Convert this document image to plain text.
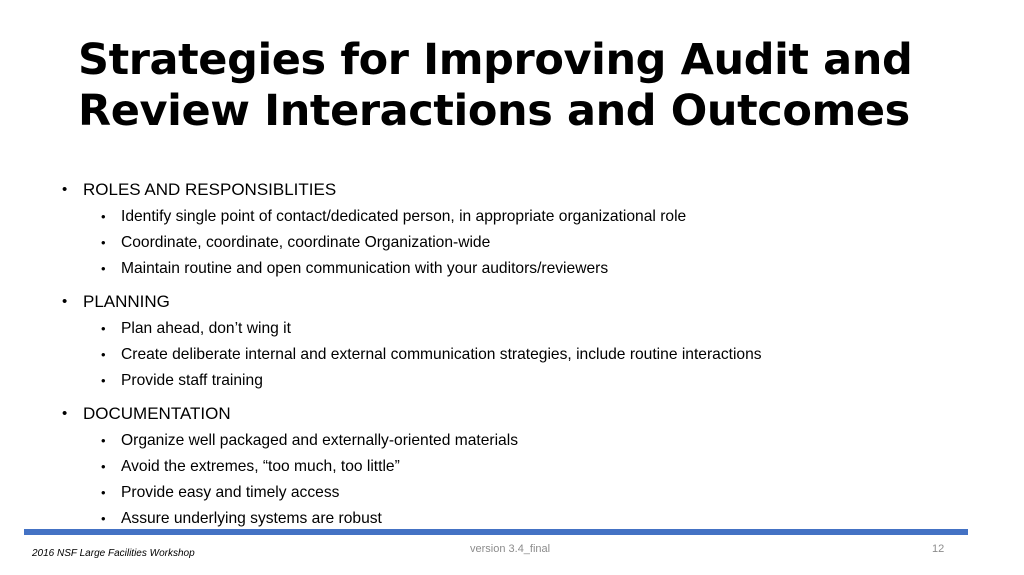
Strategies for Improving Audit and
Review Interactions and Outcomes
• ROLES AND RESPONSIBLITIES
• Identify single point of contact/dedicated person, in appropriate organizational role
• Coordinate, coordinate, coordinate Organization-wide
• Maintain routine and open communication with your auditors/reviewers
• PLANNING
• Plan ahead, don’t wing it
• Create deliberate internal and external communication strategies, include routine interactions
• Provide staff training
• DOCUMENTATION
• Organize well packaged and externally-oriented materials
• Avoid the extremes, “too much, too little”
• Provide easy and timely access
• Assure underlying systems are robust
2016 NSF Large Facilities Workshop	version 3.4_final	12
